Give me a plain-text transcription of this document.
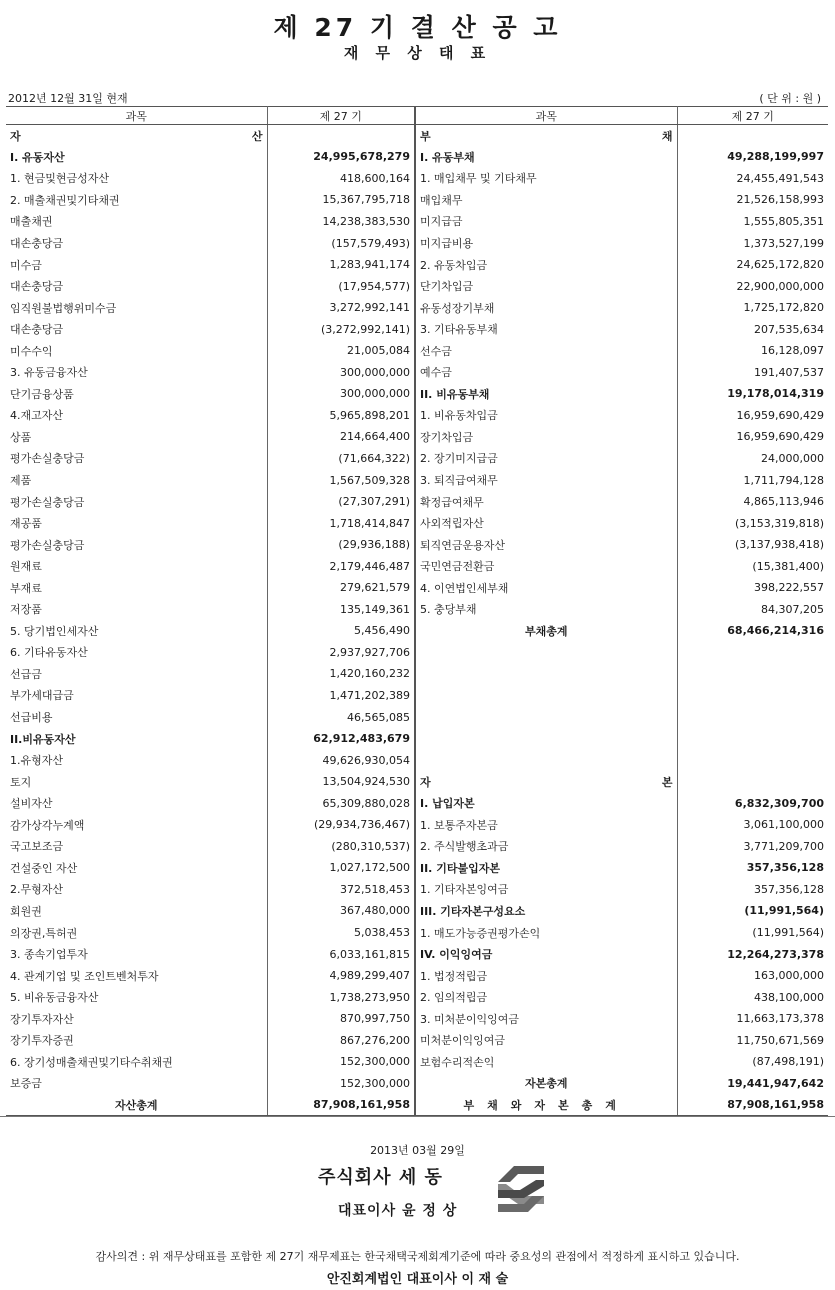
제 27 기 결 산 공 고
재 무 상 태 표
2012년 12월 31일 현재	( 단 위 : 원 )
과목	제 27 기	과목	제 27 기

자 산		부 채	

I. 유동자산	24,995,678,279	I. 유동부채	49,288,199,997
1. 현금및현금성자산	418,600,164	1. 매입채무 및 기타채무	24,455,491,543
2. 매출채권및기타채권	15,367,795,718	매입채무	21,526,158,993
매출채권	14,238,383,530	미지급금	1,555,805,351
대손충당금	(157,579,493)	미지급비용	1,373,527,199
미수금	1,283,941,174	2. 유동차입금	24,625,172,820
대손충당금	(17,954,577)	단기차입금	22,900,000,000
임직원불법행위미수금	3,272,992,141	유동성장기부채	1,725,172,820
대손충당금	(3,272,992,141)	3. 기타유동부채	207,535,634
미수수익	21,005,084	선수금	16,128,097
3. 유동금융자산	300,000,000	예수금	191,407,537
단기금융상품	300,000,000	II. 비유동부채	19,178,014,319
4.재고자산	5,965,898,201	1. 비유동차입금	16,959,690,429
상품	214,664,400	장기차입금	16,959,690,429
평가손실충당금	(71,664,322)	2. 장기미지급금	24,000,000
제품	1,567,509,328	3. 퇴직급여채무	1,711,794,128
평가손실충당금	(27,307,291)	확정급여채무	4,865,113,946
재공품	1,718,414,847	사외적립자산	(3,153,319,818)
평가손실충당금	(29,936,188)	퇴직연금운용자산	(3,137,938,418)
원재료	2,179,446,487	국민연금전환금	(15,381,400)
부재료	279,621,579	4. 이연법인세부채	398,222,557
저장품	135,149,361	5. 충당부채	84,307,205
5. 당기법인세자산	5,456,490	부채총계	68,466,214,316
6. 기타유동자산	2,937,927,706		
선급금	1,420,160,232		
부가세대급금	1,471,202,389		
선급비용	46,565,085		
II.비유동자산	62,912,483,679		
1.유형자산	49,626,930,054		
토지	13,504,924,530	자 본	

설비자산	65,309,880,028	I. 납입자본	6,832,309,700
감가상각누계액	(29,934,736,467)	1. 보통주자본금	3,061,100,000
국고보조금	(280,310,537)	2. 주식발행초과금	3,771,209,700
건설중인 자산	1,027,172,500	II. 기타불입자본	357,356,128
2.무형자산	372,518,453	1. 기타자본잉여금	357,356,128
회원권	367,480,000	III. 기타자본구성요소	(11,991,564)
의장권,특허권	5,038,453	1. 매도가능증권평가손익	(11,991,564)
3. 종속기업투자	6,033,161,815	IV. 이익잉여금	12,264,273,378
4. 관계기업 및 조인트벤처투자	4,989,299,407	1. 법정적립금	163,000,000
5. 비유동금융자산	1,738,273,950	2. 임의적립금	438,100,000
장기투자자산	870,997,750	3. 미처분이익잉여금	11,663,173,378
장기투자증권	867,276,200	미처분이익잉여금	11,750,671,569
6. 장기성매출채권및기타수취채권	152,300,000	보험수리적손익	(87,498,191)
보증금	152,300,000	자본총계	19,441,947,642
자산총계	87,908,161,958	부채와자본총계	87,908,161,958
2013년 03월 29일
주식회사 세 동
대표이사 윤 정 상
감사의견 : 위 재무상태표를 포함한 제 27기 재무제표는 한국채택국제회계기준에 따라 중요성의 관점에서 적정하게 표시하고 있습니다.
안진회계법인 대표이사 이 재 술
